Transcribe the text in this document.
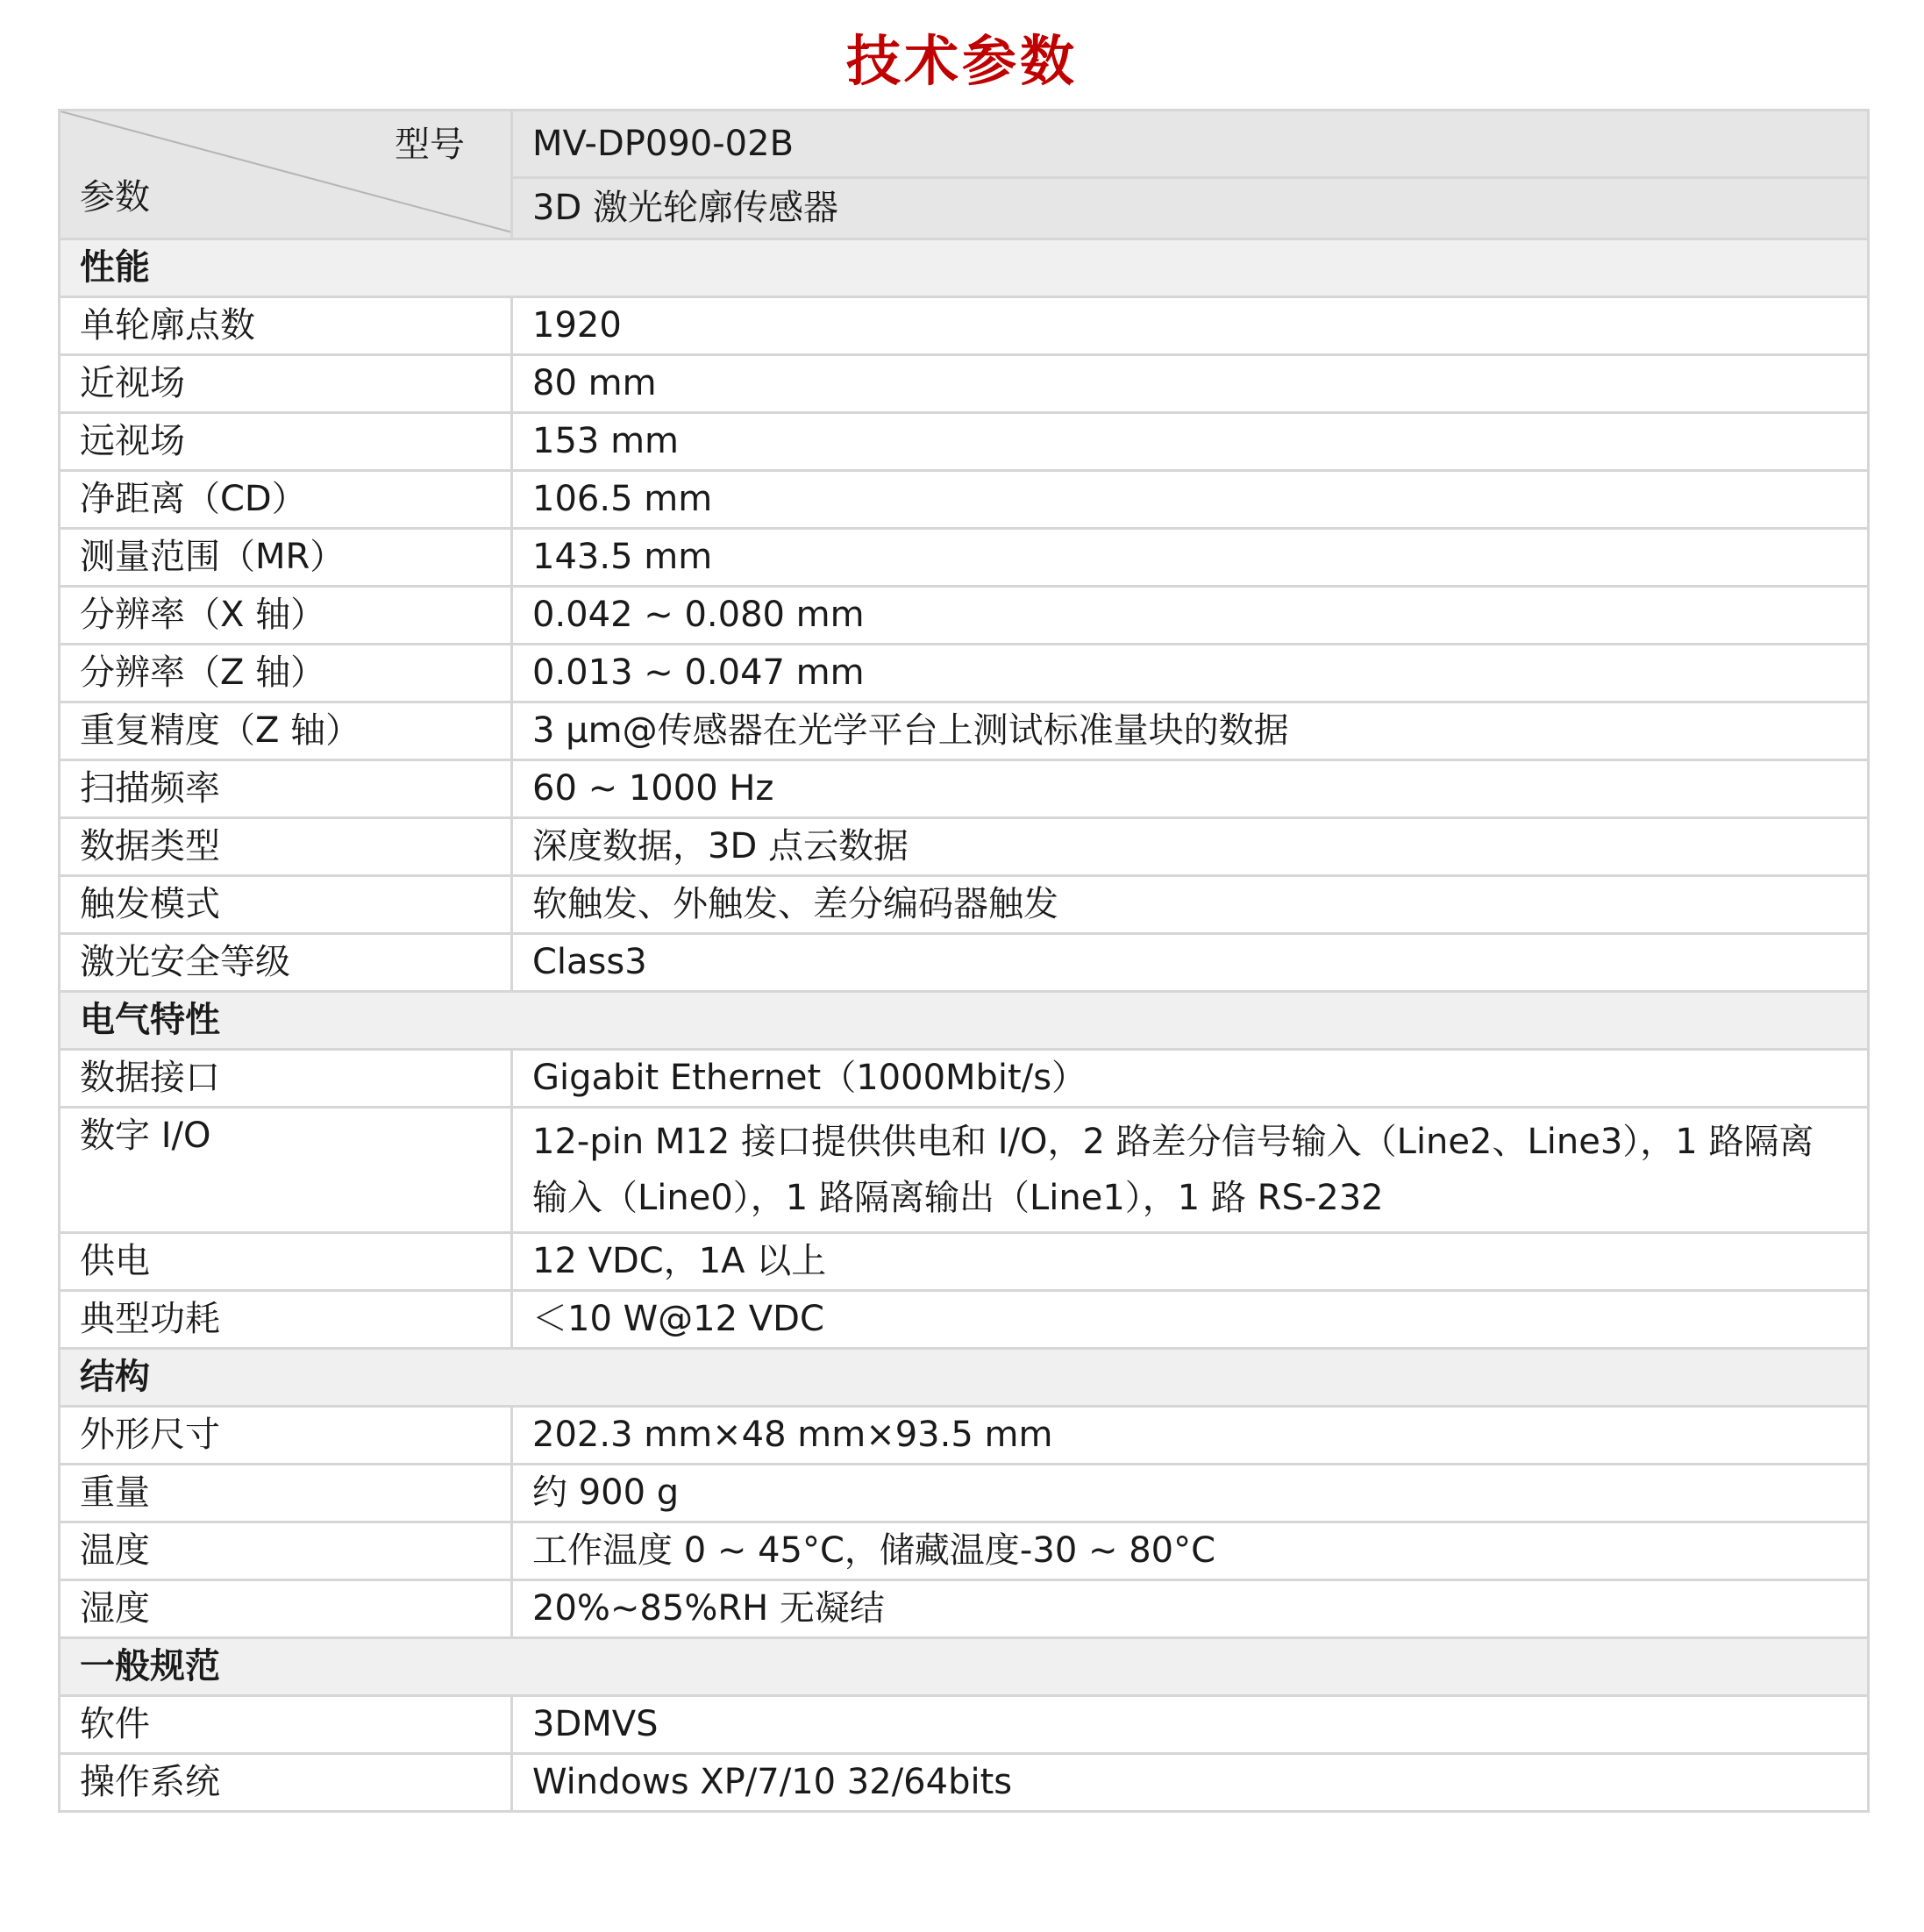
技术参数
型号
参数	MV-DP090-02B
	3D 激光轮廓传感器
性能	
单轮廓点数	1920
近视场	80 mm
远视场	153 mm
净距离（CD）	106.5 mm
测量范围（MR）	143.5 mm
分辨率（X 轴）	0.042 ~ 0.080 mm
分辨率（Z 轴）	0.013 ~ 0.047 mm
重复精度（Z 轴）	3 μm@传感器在光学平台上测试标准量块的数据
扫描频率	60 ~ 1000 Hz
数据类型	深度数据，3D 点云数据
触发模式	软触发、外触发、差分编码器触发
激光安全等级	Class3
电气特性	
数据接口	Gigabit Ethernet（1000Mbit/s）
数字 I/O	12-pin M12 接口提供供电和 I/O，2 路差分信号输入（Line2、Line3），1 路隔离输入（Line0），1 路隔离输出（Line1），1 路 RS-232
供电	12 VDC，1A 以上
典型功耗	＜10 W@12 VDC
结构	
外形尺寸	202.3 mm×48 mm×93.5 mm
重量	约 900 g
温度	工作温度 0 ~ 45°C，储藏温度-30 ~ 80°C
湿度	20%~85%RH 无凝结
一般规范	
软件	3DMVS
操作系统	Windows XP/7/10 32/64bits
